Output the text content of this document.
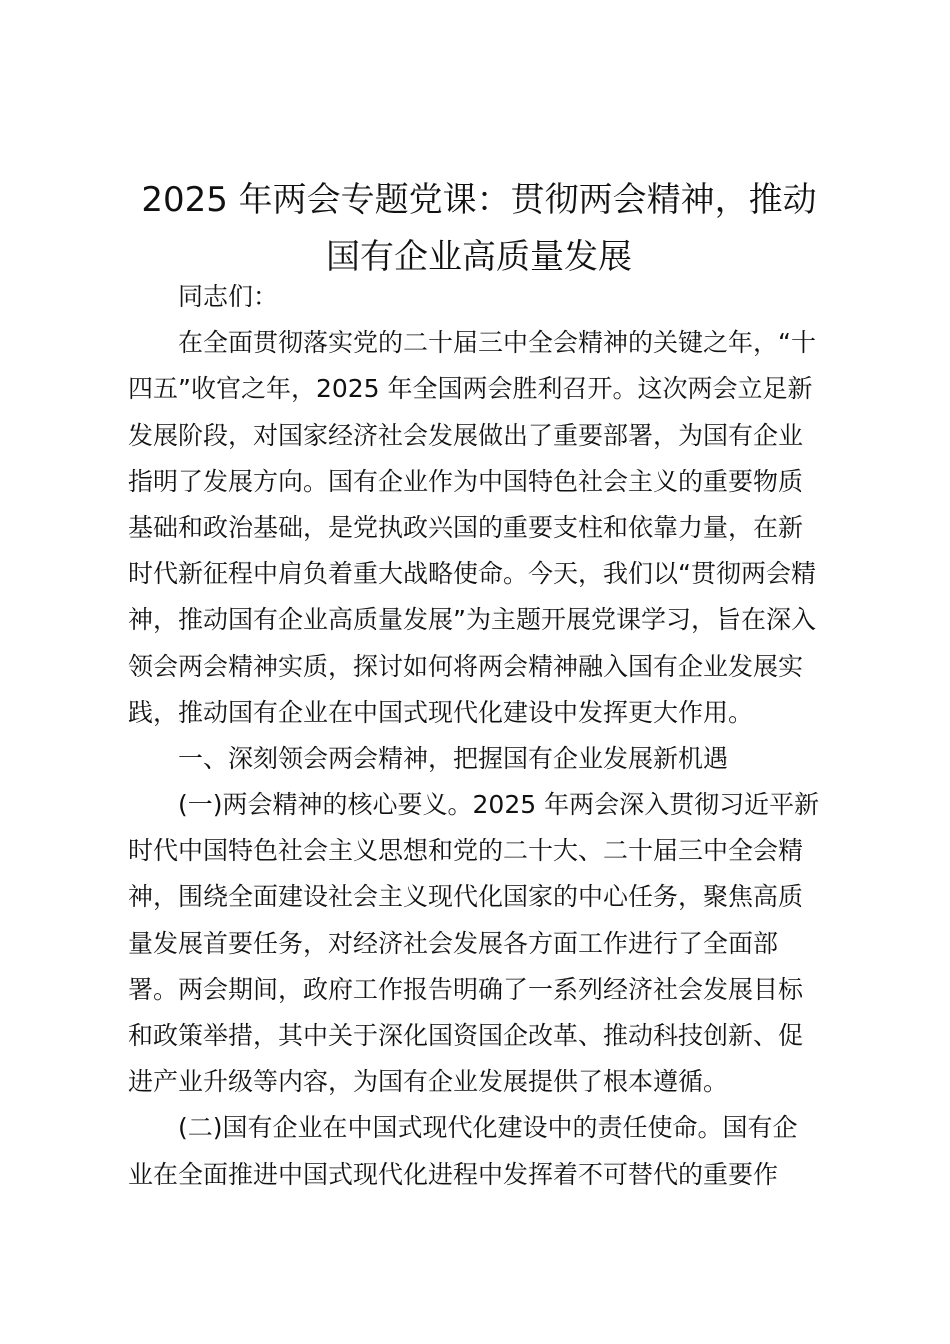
2025 年两会专题党课：贯彻两会精神，推动
国有企业高质量发展
同志们：
在全面贯彻落实党的二十届三中全会精神的关键之年，“十
四五”收官之年，2025 年全国两会胜利召开。这次两会立足新
发展阶段，对国家经济社会发展做出了重要部署，为国有企业
指明了发展方向。国有企业作为中国特色社会主义的重要物质
基础和政治基础，是党执政兴国的重要支柱和依靠力量，在新
时代新征程中肩负着重大战略使命。今天，我们以“贯彻两会精
神，推动国有企业高质量发展”为主题开展党课学习，旨在深入
领会两会精神实质，探讨如何将两会精神融入国有企业发展实
践，推动国有企业在中国式现代化建设中发挥更大作用。
一、深刻领会两会精神，把握国有企业发展新机遇
(一)两会精神的核心要义。2025 年两会深入贯彻习近平新
时代中国特色社会主义思想和党的二十大、二十届三中全会精
神，围绕全面建设社会主义现代化国家的中心任务，聚焦高质
量发展首要任务，对经济社会发展各方面工作进行了全面部
署。两会期间，政府工作报告明确了一系列经济社会发展目标
和政策举措，其中关于深化国资国企改革、推动科技创新、促
进产业升级等内容，为国有企业发展提供了根本遵循。
(二)国有企业在中国式现代化建设中的责任使命。国有企
业在全面推进中国式现代化进程中发挥着不可替代的重要作
